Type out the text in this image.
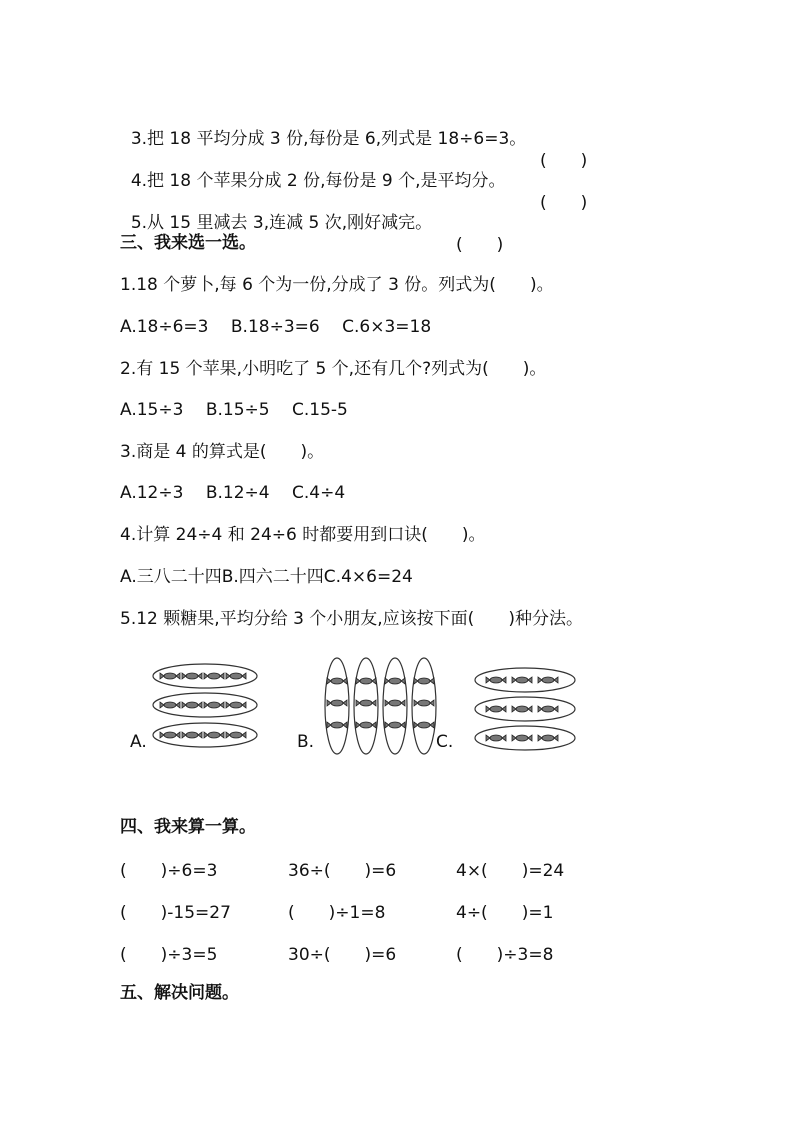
3.把 18 平均分成 3 份,每份是 6,列式是 18÷6=3。

(　　)

4.把 18 个苹果分成 2 份,每份是 9 个,是平均分。

(　　)

5.从 15 里减去 3,连减 5 次,刚好减完。

(　　)

三、我来选一选。
1.18 个萝卜,每 6 个为一份,分成了 3 份。列式为(　　)。
A.18÷6=3　 B.18÷3=6　 C.6×3=18
2.有 15 个苹果,小明吃了 5 个,还有几个?列式为(　　)。
A.15÷3　 B.15÷5　 C.15-5
3.商是 4 的算式是(　　)。
A.12÷3　 B.12÷4　 C.4÷4
4.计算 24÷4 和 24÷6 时都要用到口诀(　　)。
A.三八二十四B.四六二十四C.4×6=24
5.12 颗糖果,平均分给 3 个小朋友,应该按下面(　　)种分法。
A.	B.	C.
四、我来算一算。
(　　)÷6=3	36÷(　　)=6	4×(　　)=24
(　　)-15=27	(　　)÷1=8	4÷(　　)=1
(　　)÷3=5	30÷(　　)=6	(　　)÷3=8
五、解决问题。
